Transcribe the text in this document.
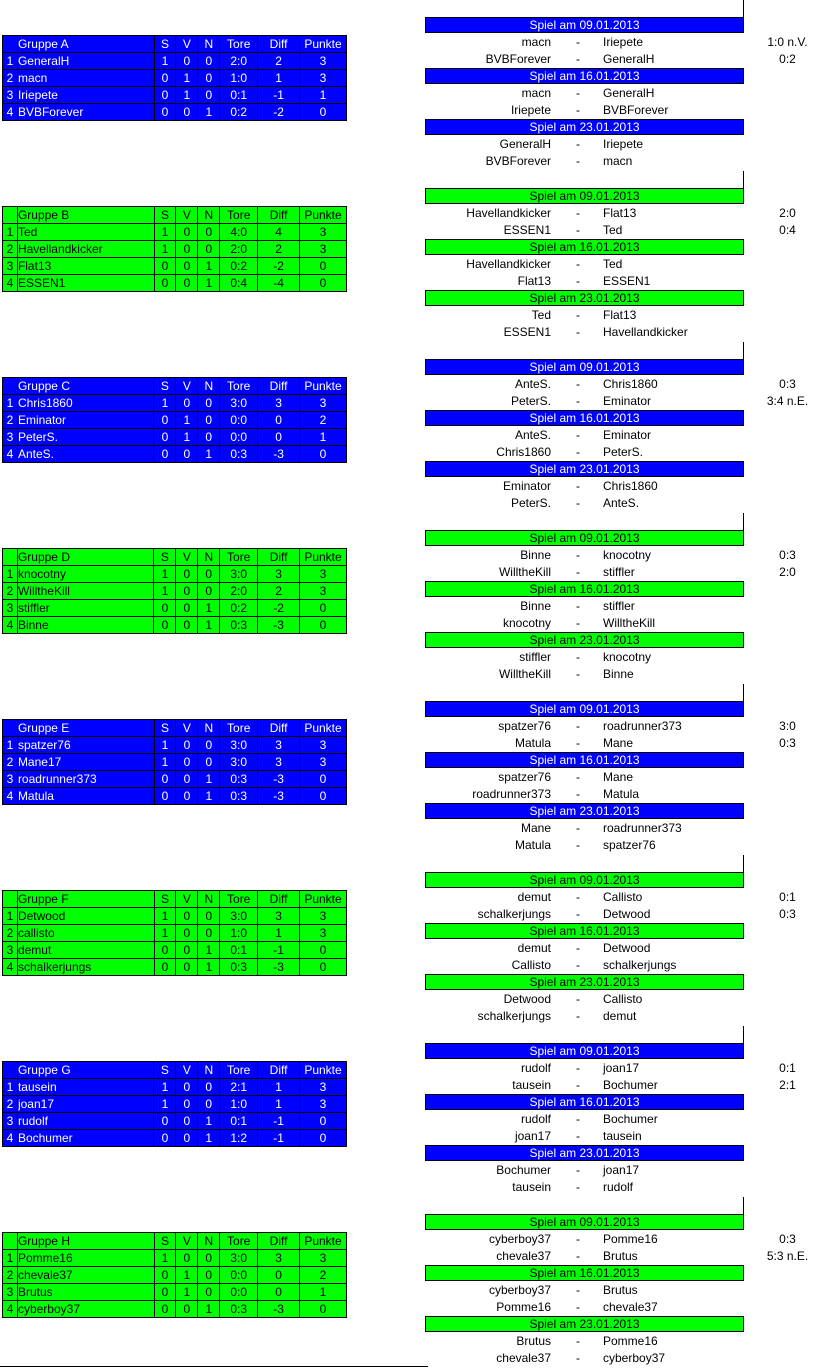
	Gruppe A	S	V	N	Tore	Diff	Punkte
1	GeneralH	1	0	0	2:0	2	3
2	macn	0	1	0	1:0	1	3
3	Iriepete	0	1	0	0:1	-1	1
4	BVBForever	0	0	1	0:2	-2	0
Spiel am 09.01.2013
macn - Iriepete	1:0 n.V.
BVBForever - GeneralH	0:2
Spiel am 16.01.2013
macn - GeneralH
Iriepete - BVBForever
Spiel am 23.01.2013
GeneralH - Iriepete
BVBForever - macn
	Gruppe B	S	V	N	Tore	Diff	Punkte
1	Ted	1	0	0	4:0	4	3
2	Havellandkicker	1	0	0	2:0	2	3
3	Flat13	0	0	1	0:2	-2	0
4	ESSEN1	0	0	1	0:4	-4	0
Spiel am 09.01.2013
Havellandkicker - Flat13	2:0
ESSEN1 - Ted	0:4
Spiel am 16.01.2013
Havellandkicker - Ted
Flat13 - ESSEN1
Spiel am 23.01.2013
Ted - Flat13
ESSEN1 - Havellandkicker
	Gruppe C	S	V	N	Tore	Diff	Punkte
1	Chris1860	1	0	0	3:0	3	3
2	Eminator	0	1	0	0:0	0	2
3	PeterS.	0	1	0	0:0	0	1
4	AnteS.	0	0	1	0:3	-3	0
Spiel am 09.01.2013
AnteS. - Chris1860	0:3
PeterS. - Eminator	3:4 n.E.
Spiel am 16.01.2013
AnteS. - Eminator
Chris1860 - PeterS.
Spiel am 23.01.2013
Eminator - Chris1860
PeterS. - AnteS.
	Gruppe D	S	V	N	Tore	Diff	Punkte
1	knocotny	1	0	0	3:0	3	3
2	WilltheKill	1	0	0	2:0	2	3
3	stiffler	0	0	1	0:2	-2	0
4	Binne	0	0	1	0:3	-3	0
Spiel am 09.01.2013
Binne - knocotny	0:3
WilltheKill - stiffler	2:0
Spiel am 16.01.2013
Binne - stiffler
knocotny - WilltheKill
Spiel am 23.01.2013
stiffler - knocotny
WilltheKill - Binne
	Gruppe E	S	V	N	Tore	Diff	Punkte
1	spatzer76	1	0	0	3:0	3	3
2	Mane17	1	0	0	3:0	3	3
3	roadrunner373	0	0	1	0:3	-3	0
4	Matula	0	0	1	0:3	-3	0
Spiel am 09.01.2013
spatzer76 - roadrunner373	3:0
Matula - Mane	0:3
Spiel am 16.01.2013
spatzer76 - Mane
roadrunner373 - Matula
Spiel am 23.01.2013
Mane - roadrunner373
Matula - spatzer76
	Gruppe F	S	V	N	Tore	Diff	Punkte
1	Detwood	1	0	0	3:0	3	3
2	callisto	1	0	0	1:0	1	3
3	demut	0	0	1	0:1	-1	0
4	schalkerjungs	0	0	1	0:3	-3	0
Spiel am 09.01.2013
demut - Callisto	0:1
schalkerjungs - Detwood	0:3
Spiel am 16.01.2013
demut - Detwood
Callisto - schalkerjungs
Spiel am 23.01.2013
Detwood - Callisto
schalkerjungs - demut
	Gruppe G	S	V	N	Tore	Diff	Punkte
1	tausein	1	0	0	2:1	1	3
2	joan17	1	0	0	1:0	1	3
3	rudolf	0	0	1	0:1	-1	0
4	Bochumer	0	0	1	1:2	-1	0
Spiel am 09.01.2013
rudolf - joan17	0:1
tausein - Bochumer	2:1
Spiel am 16.01.2013
rudolf - Bochumer
joan17 - tausein
Spiel am 23.01.2013
Bochumer - joan17
tausein - rudolf
	Gruppe H	S	V	N	Tore	Diff	Punkte
1	Pomme16	1	0	0	3:0	3	3
2	chevale37	0	1	0	0:0	0	2
3	Brutus	0	1	0	0:0	0	1
4	cyberboy37	0	0	1	0:3	-3	0
Spiel am 09.01.2013
cyberboy37 - Pomme16	0:3
chevale37 - Brutus	5:3 n.E.
Spiel am 16.01.2013
cyberboy37 - Brutus
Pomme16 - chevale37
Spiel am 23.01.2013
Brutus - Pomme16
chevale37 - cyberboy37
